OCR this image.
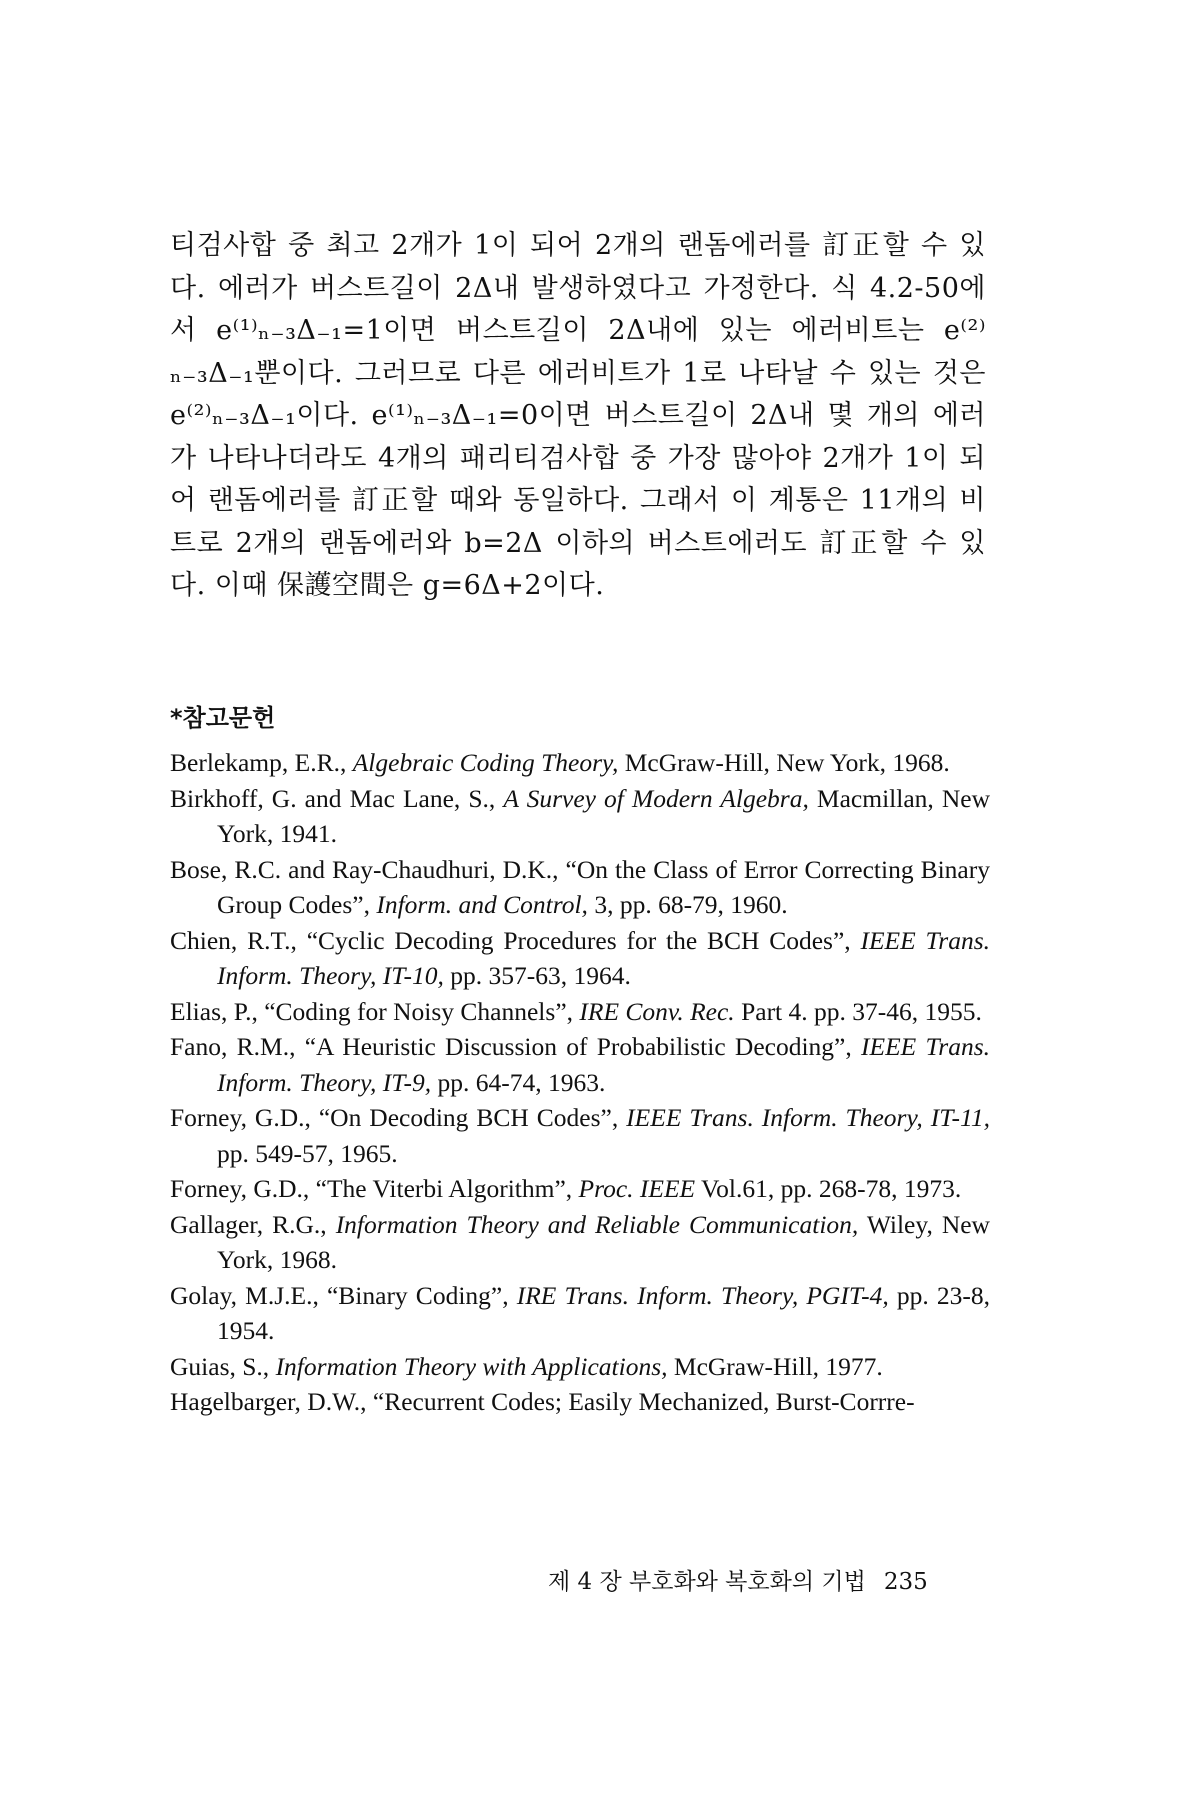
티검사합 중 최고 2개가 1이 되어 2개의 랜돔에러를 訂正할 수 있다. 에러가 버스트길이 2Δ내 발생하였다고 가정한다. 식 4.2-50에서 e⁽¹⁾ₙ₋₃Δ₋₁=1이면 버스트길이 2Δ내에 있는 에러비트는 e⁽²⁾ₙ₋₃Δ₋₁뿐이다. 그러므로 다른 에러비트가 1로 나타날 수 있는 것은 e⁽²⁾ₙ₋₃Δ₋₁이다. e⁽¹⁾ₙ₋₃Δ₋₁=0이면 버스트길이 2Δ내 몇 개의 에러가 나타나더라도 4개의 패리티검사합 중 가장 많아야 2개가 1이 되어 랜돔에러를 訂正할 때와 동일하다. 그래서 이 계통은 11개의 비트로 2개의 랜돔에러와 b=2Δ 이하의 버스트에러도 訂正할 수 있다. 이때 保護空間은 g=6Δ+2이다.

*참고문헌
Berlekamp, E.R., Algebraic Coding Theory, McGraw-Hill, New York, 1968.
Birkhoff, G. and Mac Lane, S., A Survey of Modern Algebra, Macmillan, New York, 1941.
Bose, R.C. and Ray-Chaudhuri, D.K., “On the Class of Error Correcting Binary Group Codes”, Inform. and Control, 3, pp. 68-79, 1960.
Chien, R.T., “Cyclic Decoding Procedures for the BCH Codes”, IEEE Trans. Inform. Theory, IT-10, pp. 357-63, 1964.
Elias, P., “Coding for Noisy Channels”, IRE Conv. Rec. Part 4. pp. 37-46, 1955.
Fano, R.M., “A Heuristic Discussion of Probabilistic Decoding”, IEEE Trans. Inform. Theory, IT-9, pp. 64-74, 1963.
Forney, G.D., “On Decoding BCH Codes”, IEEE Trans. Inform. Theory, IT-11, pp. 549-57, 1965.
Forney, G.D., “The Viterbi Algorithm”, Proc. IEEE Vol.61, pp. 268-78, 1973.
Gallager, R.G., Information Theory and Reliable Communication, Wiley, New York, 1968.
Golay, M.J.E., “Binary Coding”, IRE Trans. Inform. Theory, PGIT-4, pp. 23-8, 1954.
Guias, S., Information Theory with Applications, McGraw-Hill, 1977.
Hagelbarger, D.W., “Recurrent Codes; Easily Mechanized, Burst-Corrre-
제 4 장 부호화와 복호화의 기법 235
